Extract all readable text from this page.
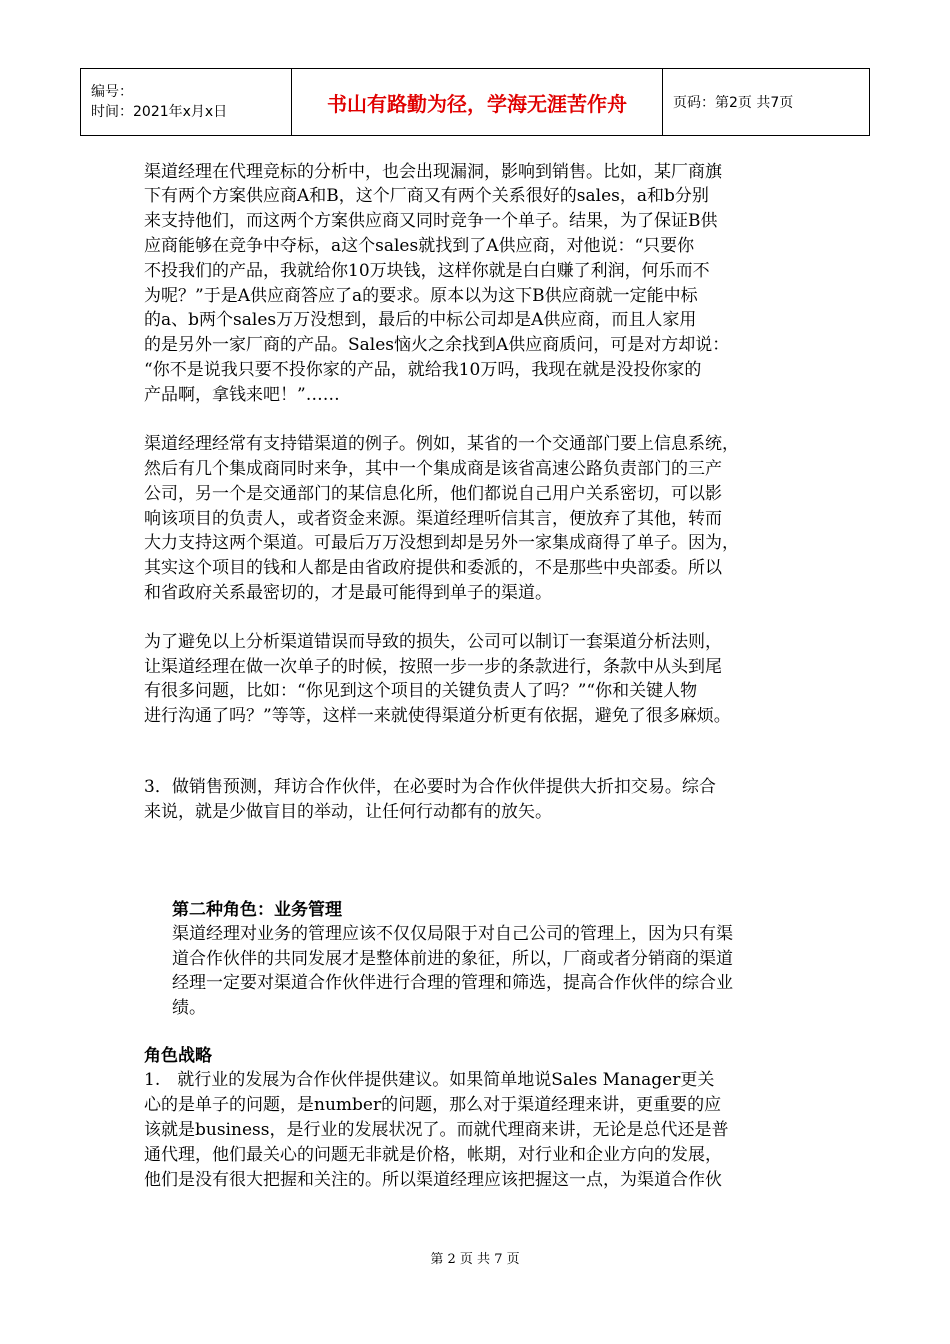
编号：
时间：2021年x月x日	书山有路勤为径，学海无涯苦作舟	页码：第2页 共7页
渠道经理在代理竞标的分析中，也会出现漏洞，影响到销售。比如，某厂商旗
下有两个方案供应商A和B，这个厂商又有两个关系很好的sales，a和b分别
来支持他们，而这两个方案供应商又同时竞争一个单子。结果，为了保证B供
应商能够在竞争中夺标，a这个sales就找到了A供应商，对他说：“只要你
不投我们的产品，我就给你10万块钱，这样你就是白白赚了利润，何乐而不
为呢？”于是A供应商答应了a的要求。原本以为这下B供应商就一定能中标
的a、b两个sales万万没想到，最后的中标公司却是A供应商，而且人家用
的是另外一家厂商的产品。Sales恼火之余找到A供应商质问，可是对方却说：
“你不是说我只要不投你家的产品，就给我10万吗，我现在就是没投你家的
产品啊，拿钱来吧！”……
渠道经理经常有支持错渠道的例子。例如，某省的一个交通部门要上信息系统，
然后有几个集成商同时来争，其中一个集成商是该省高速公路负责部门的三产
公司，另一个是交通部门的某信息化所，他们都说自己用户关系密切，可以影
响该项目的负责人，或者资金来源。渠道经理听信其言，便放弃了其他，转而
大力支持这两个渠道。可最后万万没想到却是另外一家集成商得了单子。因为，
其实这个项目的钱和人都是由省政府提供和委派的，不是那些中央部委。所以
和省政府关系最密切的，才是最可能得到单子的渠道。
为了避免以上分析渠道错误而导致的损失，公司可以制订一套渠道分析法则，
让渠道经理在做一次单子的时候，按照一步一步的条款进行，条款中从头到尾
有很多问题，比如：“你见到这个项目的关键负责人了吗？”“你和关键人物
进行沟通了吗？”等等，这样一来就使得渠道分析更有依据，避免了很多麻烦。
3．做销售预测，拜访合作伙伴，在必要时为合作伙伴提供大折扣交易。综合
来说，就是少做盲目的举动，让任何行动都有的放矢。
第二种角色：业务管理
渠道经理对业务的管理应该不仅仅局限于对自己公司的管理上，因为只有渠
道合作伙伴的共同发展才是整体前进的象征，所以，厂商或者分销商的渠道
经理一定要对渠道合作伙伴进行合理的管理和筛选，提高合作伙伴的综合业
绩。
角色战略
1.　就行业的发展为合作伙伴提供建议。如果简单地说Sales Manager更关
心的是单子的问题，是number的问题，那么对于渠道经理来讲，更重要的应
该就是business，是行业的发展状况了。而就代理商来讲，无论是总代还是普
通代理，他们最关心的问题无非就是价格，帐期，对行业和企业方向的发展，
他们是没有很大把握和关注的。所以渠道经理应该把握这一点，为渠道合作伙
第 2 页 共 7 页
